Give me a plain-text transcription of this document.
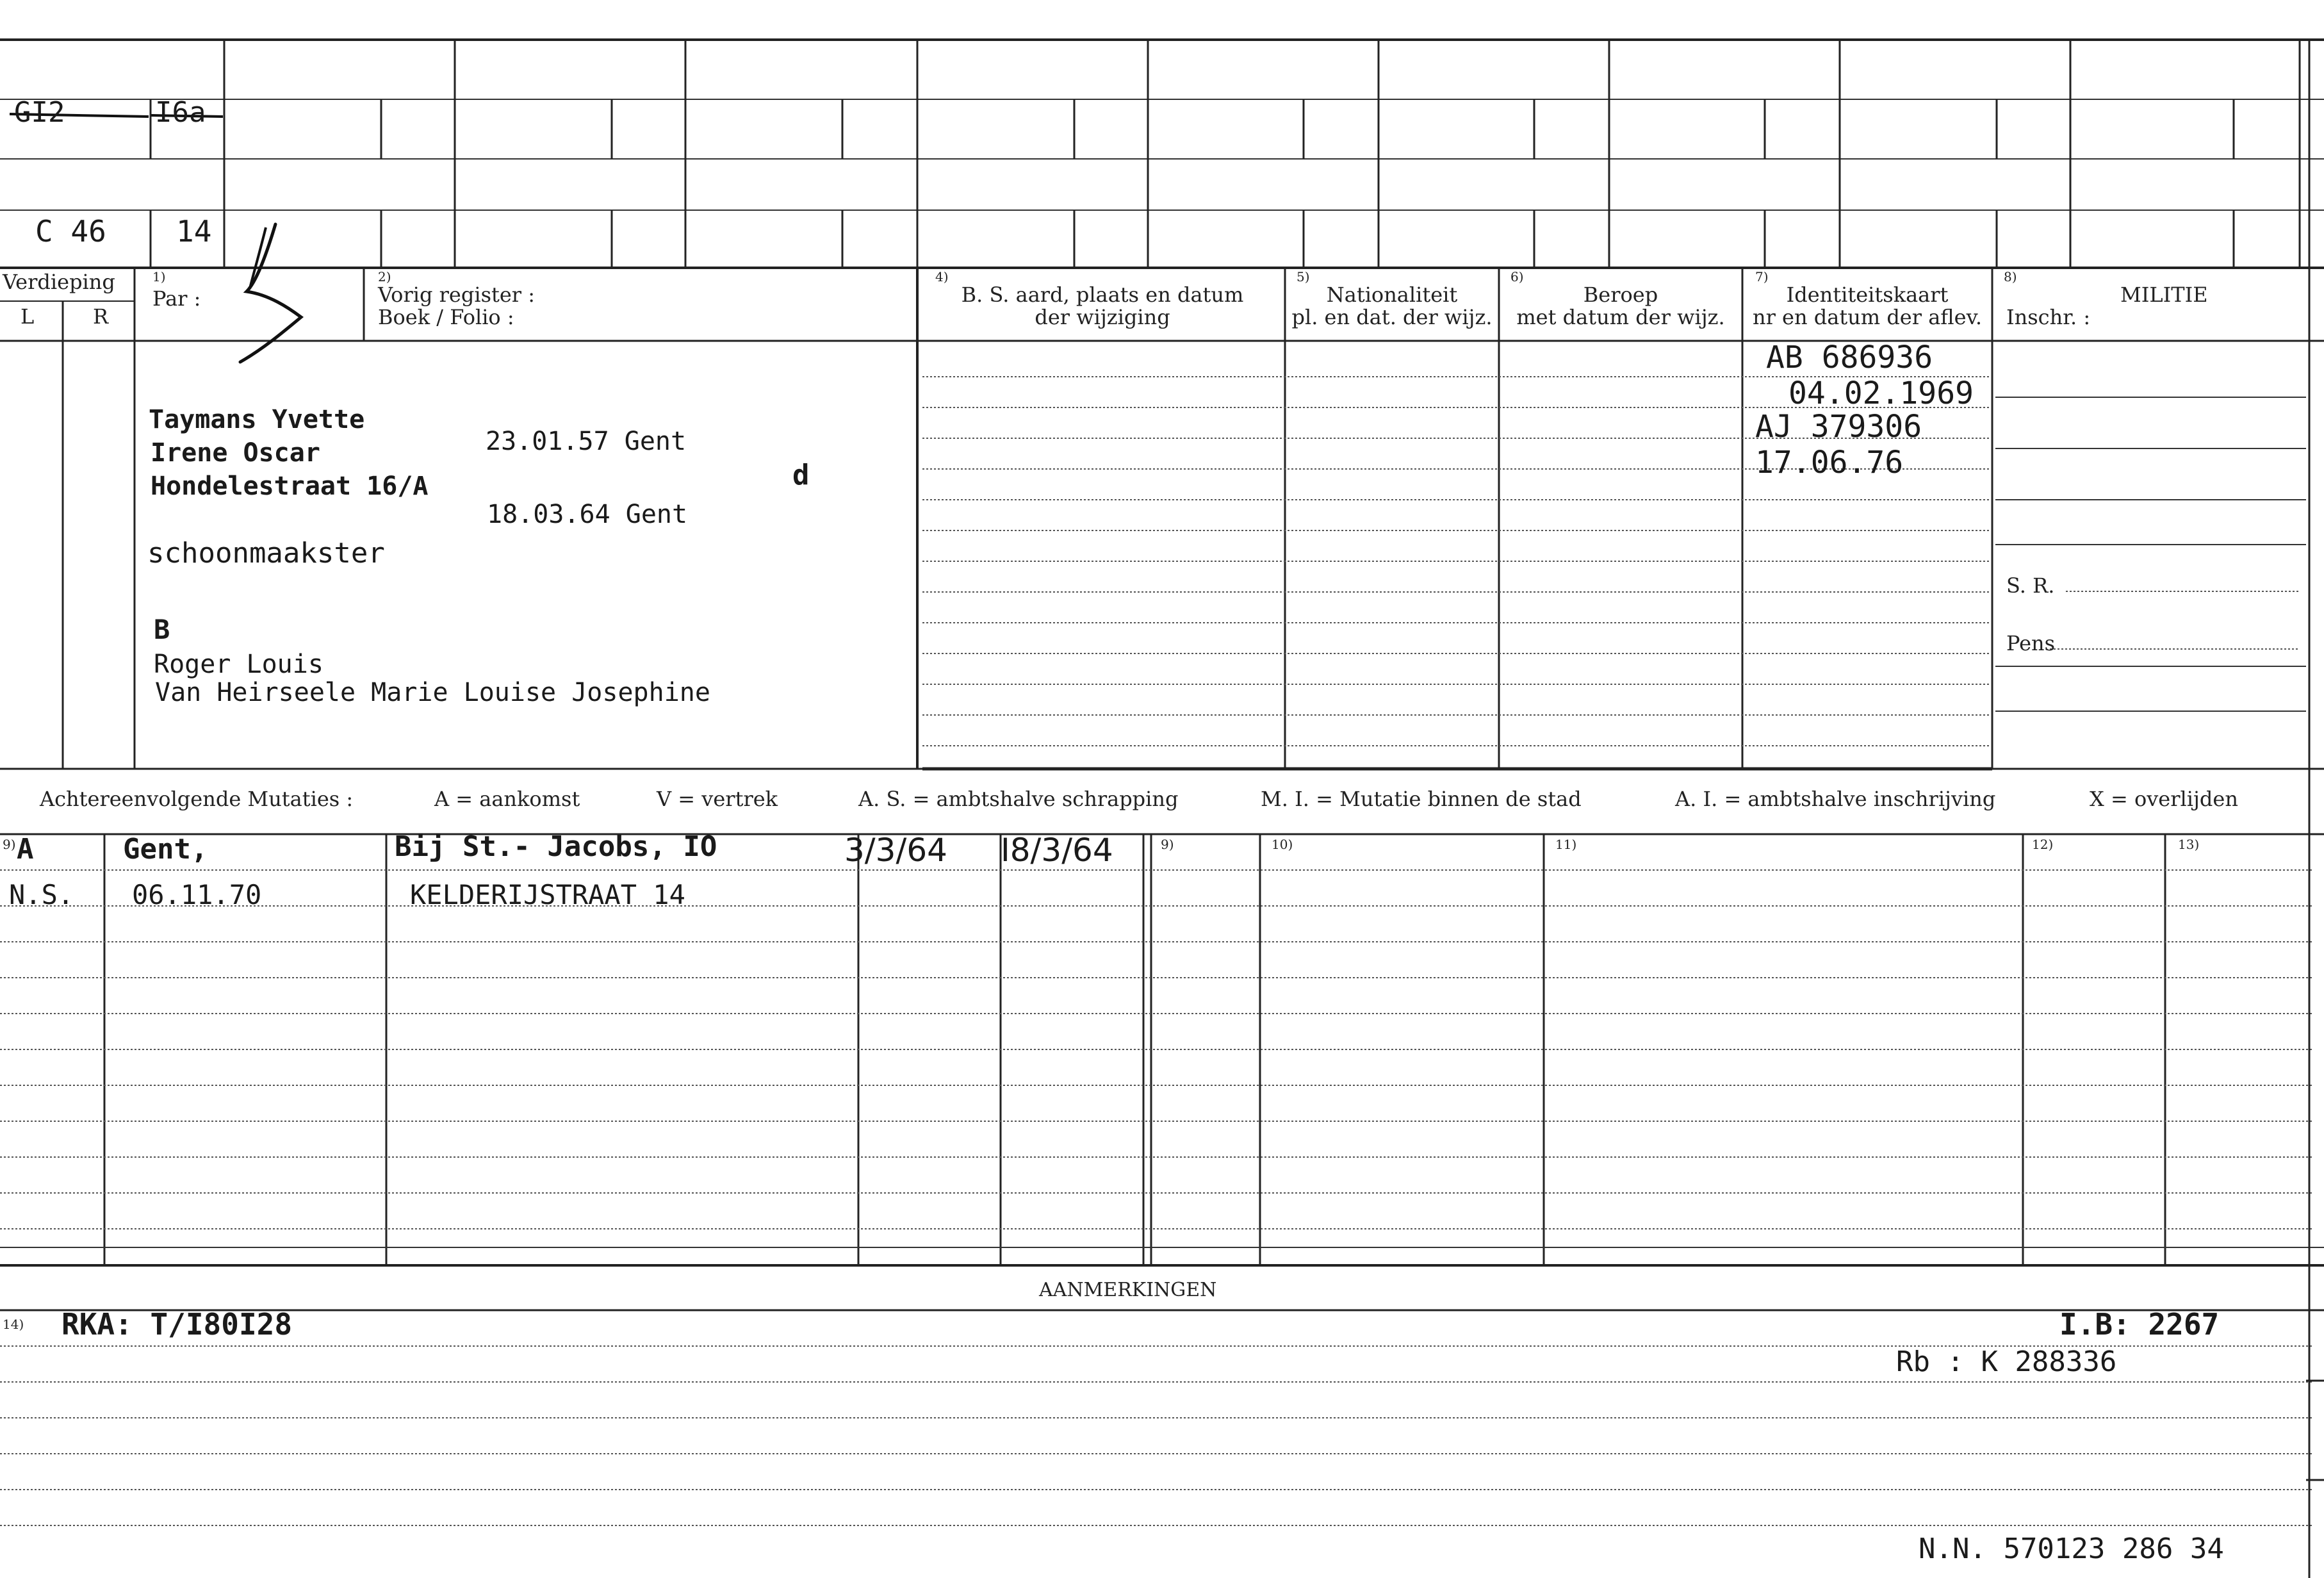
GI2	I6a
C 46 14
Verdieping
L	R
1)
Par :
2)
Vorig register :
Boek / Folio :
4)
B. S. aard, plaats en datum
der wijziging
5)
Nationaliteit
pl. en dat. der wijz.
6)
Beroep
met datum der wijz.
7)
Identiteitskaart
nr en datum der aflev.
8)
MILITIE
Inschr. :
S. R.
Pens
Taymans Yvette
Irene Oscar	23.01.57 Gent
Hondelestraat 16/A	d
18.03.64 Gent
schoonmaakster
B
Roger Louis
Van Heirseele Marie Louise Josephine
AB 686936
04.02.1969
AJ 379306
17.06.76
Achtereenvolgende Mutaties :	A = aankomst	V = vertrek	A. S. = ambtshalve schrapping	M. I. = Mutatie binnen de stad	A. I. = ambtshalve inschrijving	X = overlijden
9)	9)	10)	11)	12)	13)
A	Gent,	Bij St.- Jacobs, IO	3/3/64 I8/3/64
N.S. 06.11.70	KELDERIJSTRAAT 14
AANMERKINGEN
14) RKA: T/I80I28	I.B: 2267
Rb : K 288336
N.N. 570123 286 34
